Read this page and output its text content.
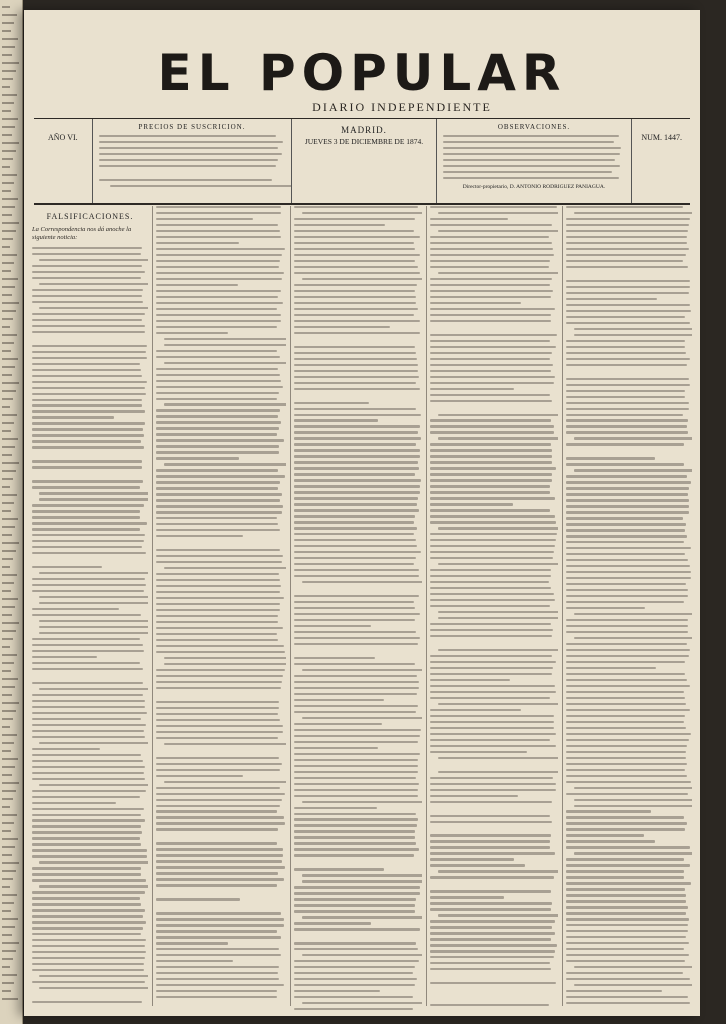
EL POPULAR
DIARIO INDEPENDIENTE
AÑO VI.
PRECIOS DE SUSCRICION.	MADRID.
JUEVES 3 DE DICIEMBRE DE 1874.
OBSERVACIONES.
Director-propietario, D. ANTONIO RODRIGUEZ PANIAGUA.
NUM. 1447.
FALSIFICACIONES.
La Correspondencia nos dá anoche la siguiente noticia:
